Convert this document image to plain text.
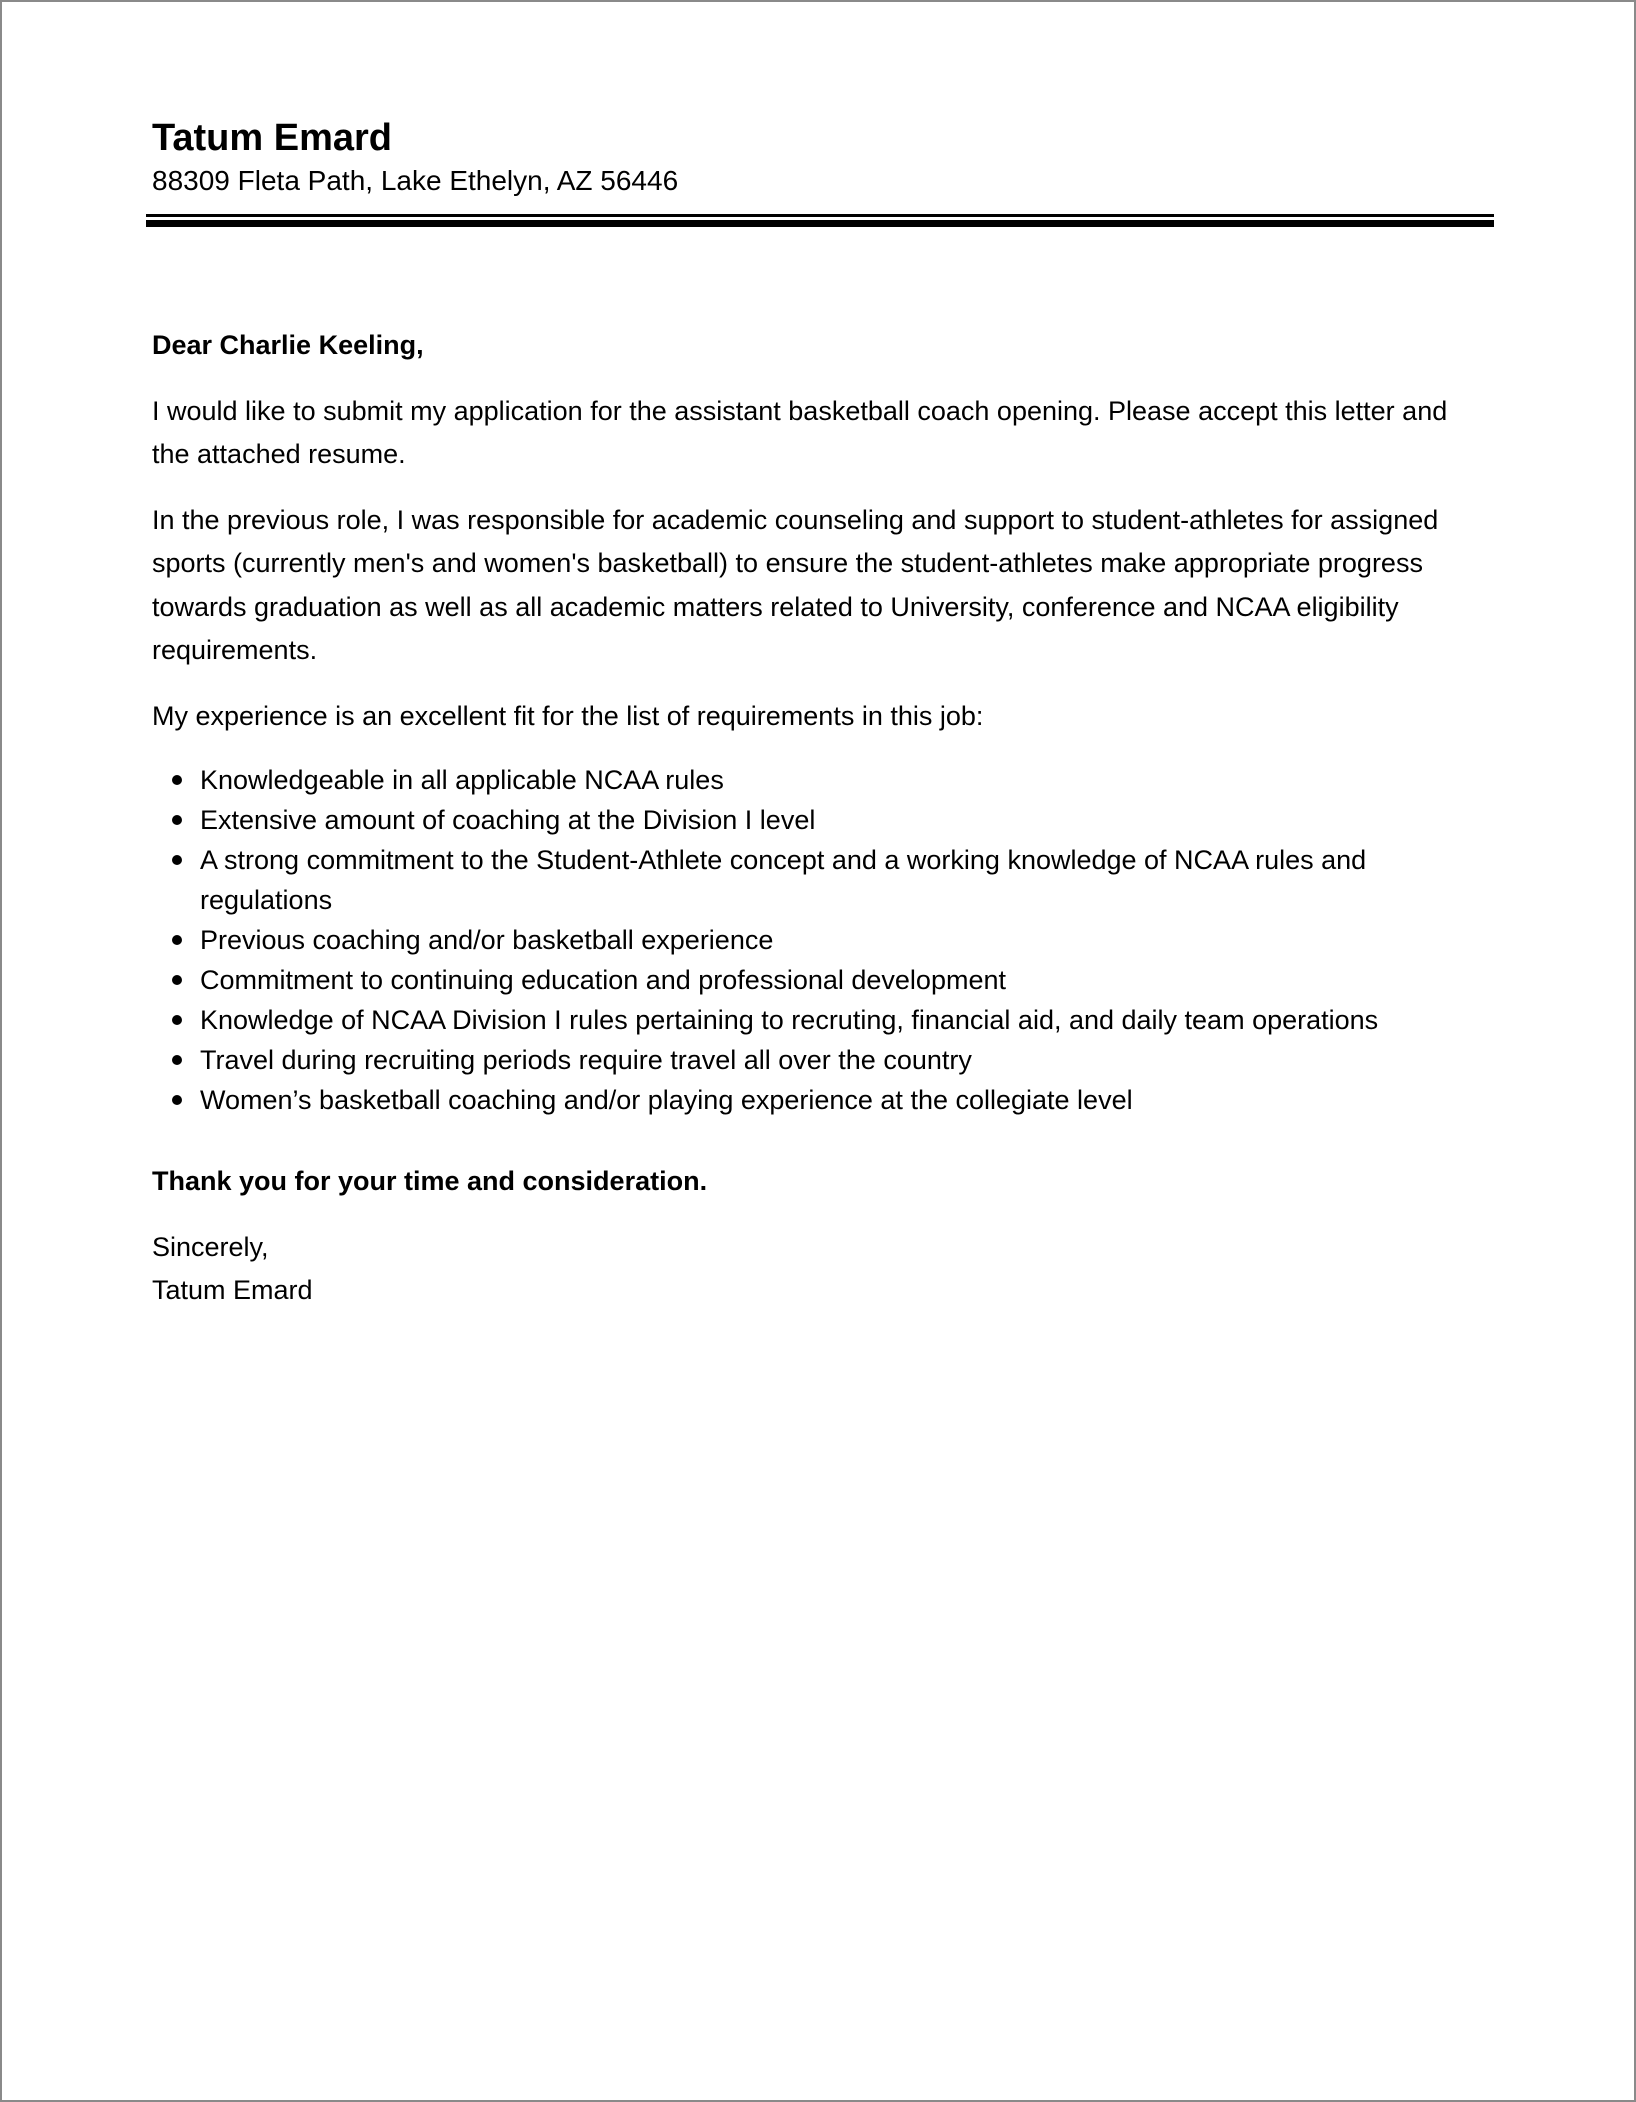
Tatum Emard

88309 Fleta Path, Lake Ethelyn, AZ 56446

Dear Charlie Keeling,

I would like to submit my application for the assistant basketball coach opening. Please accept this letter and the attached resume.

In the previous role, I was responsible for academic counseling and support to student-athletes for assigned sports (currently men's and women's basketball) to ensure the student-athletes make appropriate progress towards graduation as well as all academic matters related to University, conference and NCAA eligibility requirements.

My experience is an excellent fit for the list of requirements in this job:

Knowledgeable in all applicable NCAA rules
Extensive amount of coaching at the Division I level
A strong commitment to the Student-Athlete concept and a working knowledge of NCAA rules and regulations
Previous coaching and/or basketball experience
Commitment to continuing education and professional development
Knowledge of NCAA Division I rules pertaining to recruting, financial aid, and daily team operations
Travel during recruiting periods require travel all over the country
Women’s basketball coaching and/or playing experience at the collegiate level

Thank you for your time and consideration.

Sincerely,

Tatum Emard
